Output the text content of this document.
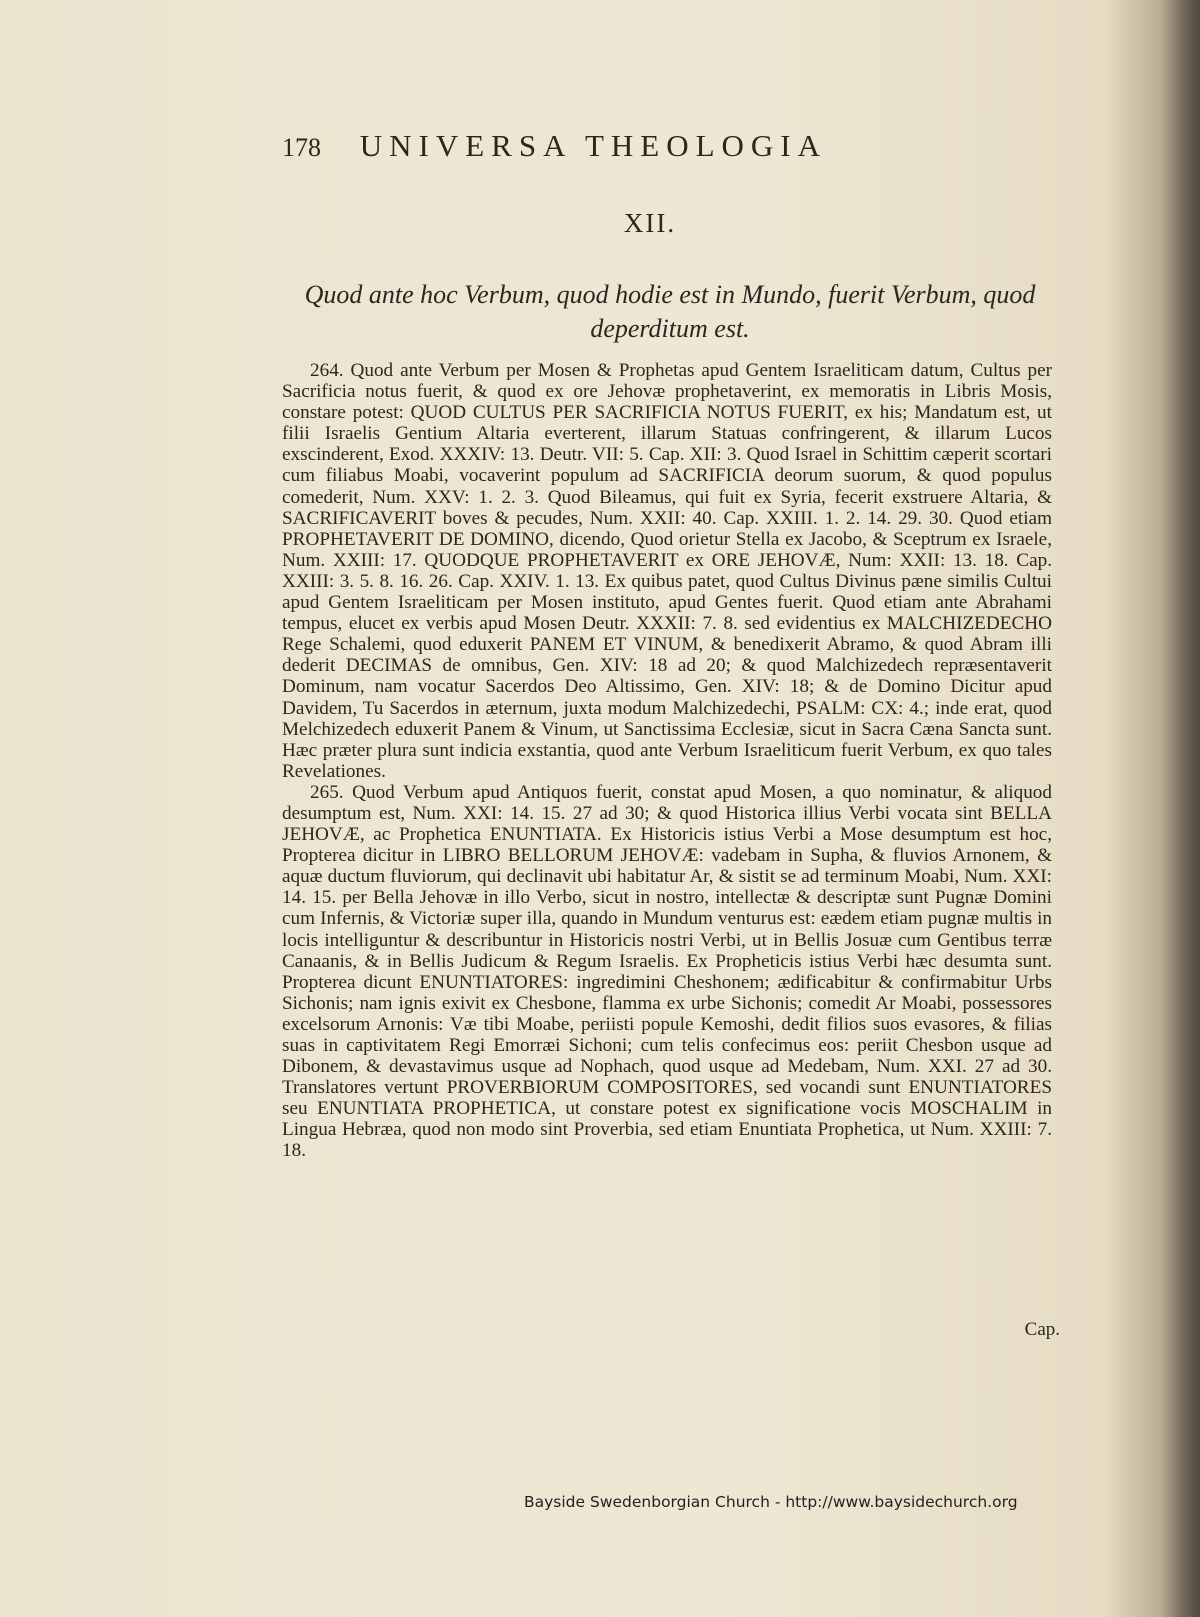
178 UNIVERSA THEOLOGIA
XII.
Quod ante hoc Verbum, quod hodie est in Mundo, fuerit Verbum, quod deperditum est.

264. Quod ante Verbum per Mosen & Prophetas apud Gentem Israeliticam datum, Cultus per Sacrificia notus fuerit, & quod ex ore Jehovæ prophetaverint, ex memoratis in Libris Mosis, constare potest: QUOD CULTUS PER SACRIFICIA NOTUS FUERIT, ex his; Mandatum est, ut filii Israelis Gentium Altaria everterent, illarum Statuas confringerent, & illarum Lucos exscinderent, Exod. XXXIV: 13. Deutr. VII: 5. Cap. XII: 3. Quod Israel in Schittim cæperit scortari cum filiabus Moabi, vocaverint populum ad SACRIFICIA deorum suorum, & quod populus comederit, Num. XXV: 1. 2. 3. Quod Bileamus, qui fuit ex Syria, fecerit exstruere Altaria, & SACRIFICAVERIT boves & pecudes, Num. XXII: 40. Cap. XXIII. 1. 2. 14. 29. 30. Quod etiam PROPHETAVERIT DE DOMINO, dicendo, Quod orietur Stella ex Jacobo, & Sceptrum ex Israele, Num. XXIII: 17. QUODQUE PROPHETAVERIT ex ORE JEHOVÆ, Num: XXII: 13. 18. Cap. XXIII: 3. 5. 8. 16. 26. Cap. XXIV. 1. 13. Ex quibus patet, quod Cultus Divinus pæne similis Cultui apud Gentem Israeliticam per Mosen instituto, apud Gentes fuerit. Quod etiam ante Abrahami tempus, elucet ex verbis apud Mosen Deutr. XXXII: 7. 8. sed evidentius ex MALCHIZEDECHO Rege Schalemi, quod eduxerit PANEM ET VINUM, & benedixerit Abramo, & quod Abram illi dederit DECIMAS de omnibus, Gen. XIV: 18 ad 20; & quod Malchizedech repræsentaverit Dominum, nam vocatur Sacerdos Deo Altissimo, Gen. XIV: 18; & de Domino Dicitur apud Davidem, Tu Sacerdos in æternum, juxta modum Malchizedechi, PSALM: CX: 4.; inde erat, quod Melchizedech eduxerit Panem & Vinum, ut Sanctissima Ecclesiæ, sicut in Sacra Cæna Sancta sunt. Hæc præter plura sunt indicia exstantia, quod ante Verbum Israeliticum fuerit Verbum, ex quo tales Revelationes.

265. Quod Verbum apud Antiquos fuerit, constat apud Mosen, a quo nominatur, & aliquod desumptum est, Num. XXI: 14. 15. 27 ad 30; & quod Historica illius Verbi vocata sint BELLA JEHOVÆ, ac Prophetica ENUNTIATA. Ex Historicis istius Verbi a Mose desumptum est hoc, Propterea dicitur in LIBRO BELLORUM JEHOVÆ: vadebam in Supha, & fluvios Arnonem, & aquæ ductum fluviorum, qui declinavit ubi habitatur Ar, & sistit se ad terminum Moabi, Num. XXI: 14. 15. per Bella Jehovæ in illo Verbo, sicut in nostro, intellectæ & descriptæ sunt Pugnæ Domini cum Infernis, & Victoriæ super illa, quando in Mundum venturus est: eædem etiam pugnæ multis in locis intelliguntur & describuntur in Historicis nostri Verbi, ut in Bellis Josuæ cum Gentibus terræ Canaanis, & in Bellis Judicum & Regum Israelis. Ex Propheticis istius Verbi hæc desumta sunt. Propterea dicunt ENUNTIATORES: ingredimini Cheshonem; ædificabitur & confirmabitur Urbs Sichonis; nam ignis exivit ex Chesbone, flamma ex urbe Sichonis; comedit Ar Moabi, possessores excelsorum Arnonis: Væ tibi Moabe, periisti popule Kemoshi, dedit filios suos evasores, & filias suas in captivitatem Regi Emorræi Sichoni; cum telis confecimus eos: periit Chesbon usque ad Dibonem, & devastavimus usque ad Nophach, quod usque ad Medebam, Num. XXI. 27 ad 30. Translatores vertunt PROVERBIORUM COMPOSITORES, sed vocandi sunt ENUNTIATORES seu ENUNTIATA PROPHETICA, ut constare potest ex significatione vocis MOSCHALIM in Lingua Hebræa, quod non modo sint Proverbia, sed etiam Enuntiata Prophetica, ut Num. XXIII: 7. 18.

Cap.
Bayside Swedenborgian Church - http://www.baysidechurch.org
